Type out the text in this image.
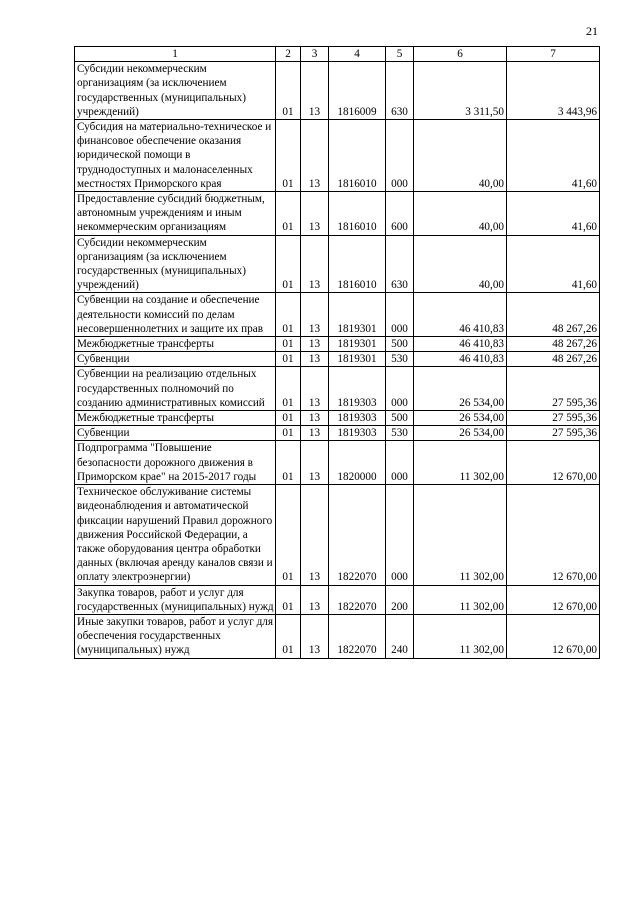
21
1	2	3	4	5	6	7
Субсидии некоммерческим организациям (за исключением государственных (муниципальных) учреждений)	01	13	1816009	630	3 311,50	3 443,96
Субсидия на материально-техническое и финансовое обеспечение оказания юридической помощи в труднодоступных и малонаселенных местностях Приморского края	01	13	1816010	000	40,00	41,60
Предоставление субсидий бюджетным, автономным учреждениям и иным некоммерческим организациям	01	13	1816010	600	40,00	41,60
Субсидии некоммерческим организациям (за исключением государственных (муниципальных) учреждений)	01	13	1816010	630	40,00	41,60
Субвенции на создание и обеспечение деятельности комиссий по делам несовершеннолетних и защите их прав	01	13	1819301	000	46 410,83	48 267,26
Межбюджетные трансферты	01	13	1819301	500	46 410,83	48 267,26
Субвенции	01	13	1819301	530	46 410,83	48 267,26
Субвенции на реализацию отдельных государственных полномочий по созданию административных комиссий	01	13	1819303	000	26 534,00	27 595,36
Межбюджетные трансферты	01	13	1819303	500	26 534,00	27 595,36
Субвенции	01	13	1819303	530	26 534,00	27 595,36
Подпрограмма "Повышение безопасности дорожного движения в Приморском крае" на 2015-2017 годы	01	13	1820000	000	11 302,00	12 670,00
Техническое обслуживание системы видеонаблюдения и автоматической фиксации нарушений Правил дорожного движения Российской Федерации, а также оборудования центра обработки данных (включая аренду каналов связи и оплату электроэнергии)	01	13	1822070	000	11 302,00	12 670,00
Закупка товаров, работ и услуг для государственных (муниципальных) нужд	01	13	1822070	200	11 302,00	12 670,00
Иные закупки товаров, работ и услуг для обеспечения государственных (муниципальных) нужд	01	13	1822070	240	11 302,00	12 670,00
